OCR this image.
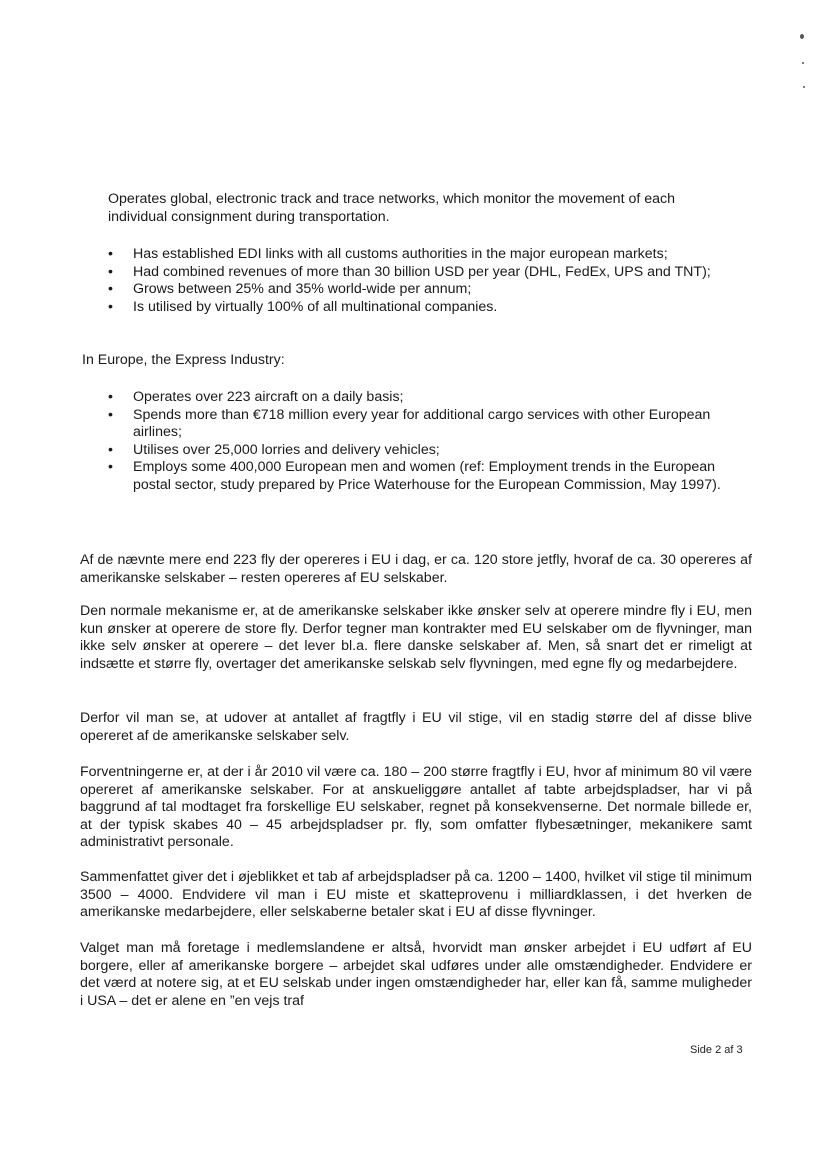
Operates global, electronic track and trace networks, which monitor the movement of each individual consignment during transportation.

• Has established EDI links with all customs authorities in the major european markets;
• Had combined revenues of more than 30 billion USD per year (DHL, FedEx, UPS and TNT);
• Grows between 25% and 35% world-wide per annum;
• Is utilised by virtually 100% of all multinational companies.

In Europe, the Express Industry:

• Operates over 223 aircraft on a daily basis;
• Spends more than €718 million every year for additional cargo services with other European airlines;
• Utilises over 25,000 lorries and delivery vehicles;
• Employs some 400,000 European men and women (ref: Employment trends in the European postal sector, study prepared by Price Waterhouse for the European Commission, May 1997).

Af de nævnte mere end 223 fly der opereres i EU i dag, er ca. 120 store jetfly, hvoraf de ca. 30 opereres af amerikanske selskaber – resten opereres af EU selskaber.

Den normale mekanisme er, at de amerikanske selskaber ikke ønsker selv at operere mindre fly i EU, men kun ønsker at operere de store fly. Derfor tegner man kontrakter med EU selskaber om de flyvninger, man ikke selv ønsker at operere – det lever bl.a. flere danske selskaber af. Men, så snart det er rimeligt at indsætte et større fly, overtager det amerikanske selskab selv flyvningen, med egne fly og medarbejdere.

Derfor vil man se, at udover at antallet af fragtfly i EU vil stige, vil en stadig større del af disse blive opereret af de amerikanske selskaber selv.

Forventningerne er, at der i år 2010 vil være ca. 180 – 200 større fragtfly i EU, hvor af minimum 80 vil være opereret af amerikanske selskaber. For at anskueliggøre antallet af tabte arbejdspladser, har vi på baggrund af tal modtaget fra forskellige EU selskaber, regnet på konsekvenserne. Det normale billede er, at der typisk skabes 40 – 45 arbejdspladser pr. fly, som omfatter flybesætninger, mekanikere samt administrativt personale.

Sammenfattet giver det i øjeblikket et tab af arbejdspladser på ca. 1200 – 1400, hvilket vil stige til minimum 3500 – 4000. Endvidere vil man i EU miste et skatteprovenu i milliardklassen, i det hverken de amerikanske medarbejdere, eller selskaberne betaler skat i EU af disse flyvninger.

Valget man må foretage i medlemslandene er altså, hvorvidt man ønsker arbejdet i EU udført af EU borgere, eller af amerikanske borgere – arbejdet skal udføres under alle omstændigheder. Endvidere er det værd at notere sig, at et EU selskab under ingen omstændigheder har, eller kan få, samme muligheder i USA – det er alene en ”en vejs traf

Side 2 af 3
